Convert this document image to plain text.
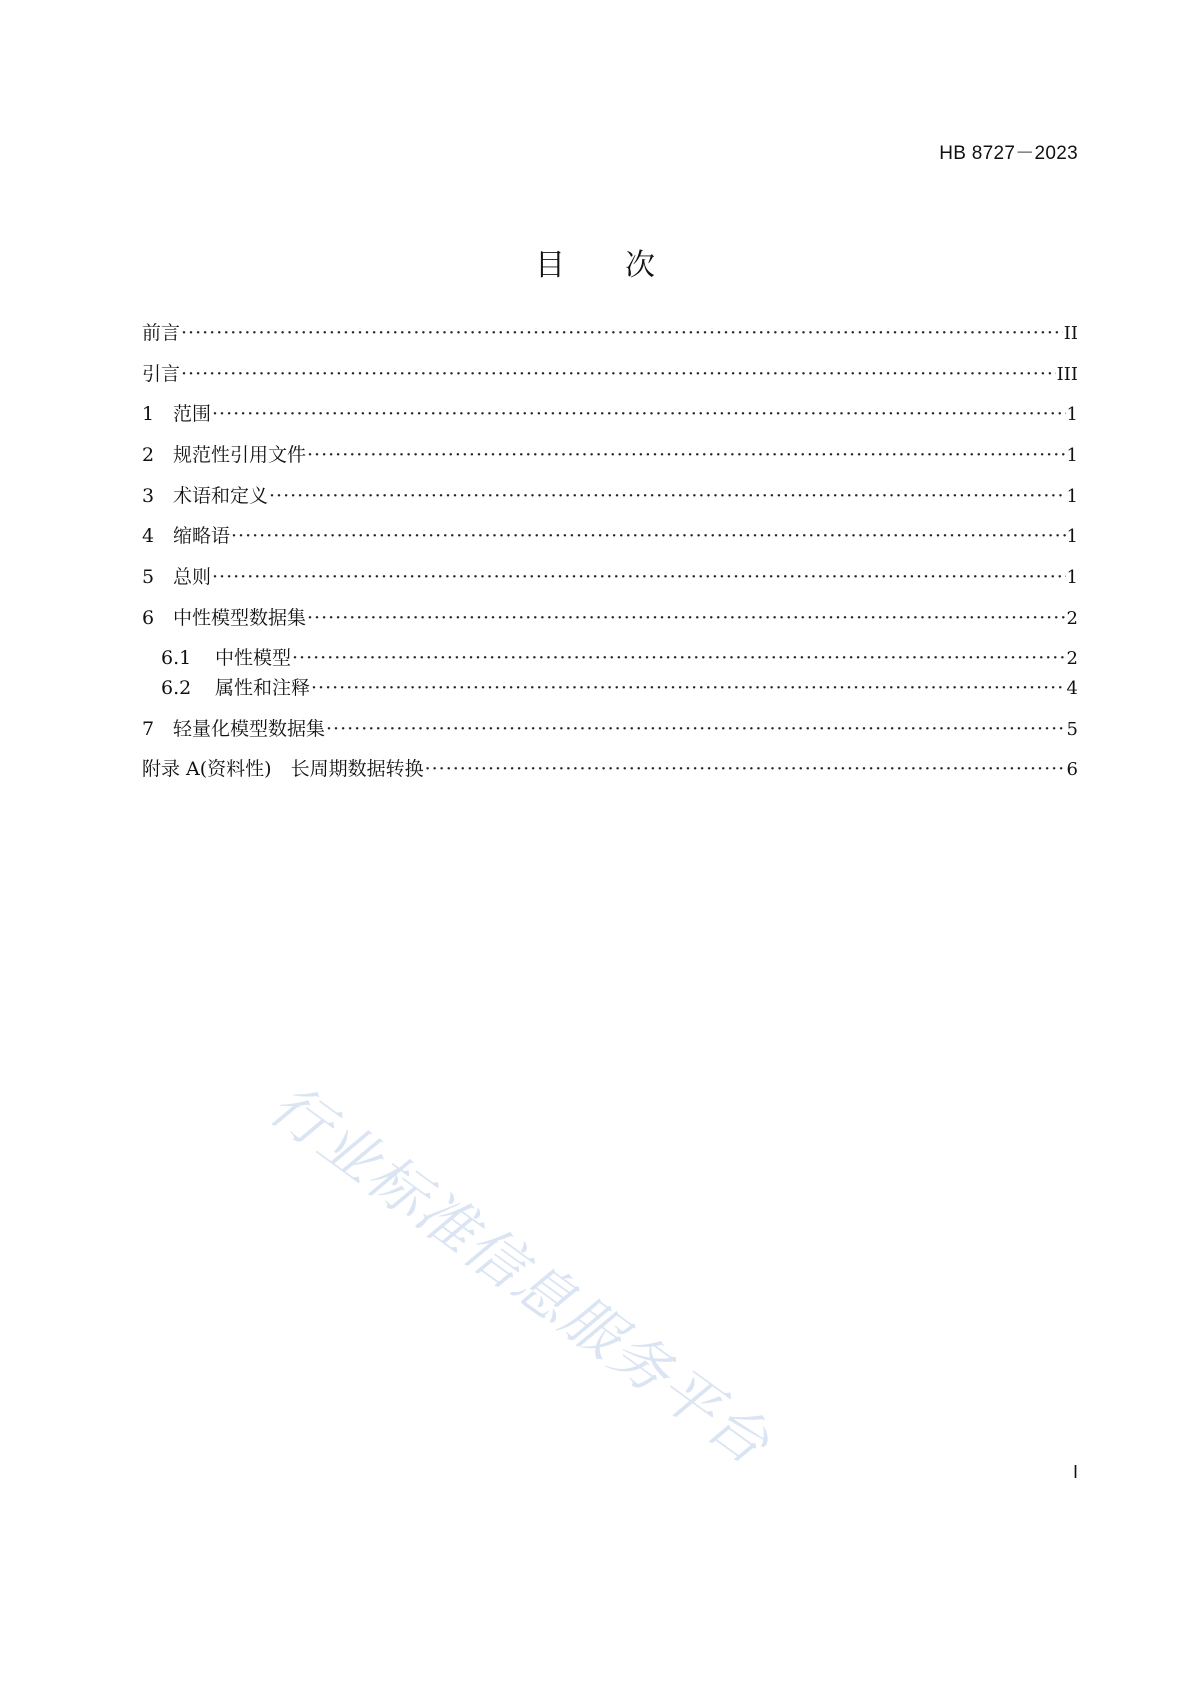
HB 8727－2023
目　　次
前言 ·····	II
引言 ·····	III
1 范围 ·····	1
2 规范性引用文件 ·····	1
3 术语和定义 ·····	1
4 缩略语 ·····	1
5 总则 ·····	1
6 中性模型数据集 ·····	2
6.1	中性模型 ·····	2
6.2	属性和注释 ·····	4
7 轻量化模型数据集 ·····	5
附录 A(资料性)　长周期数据转换 ·····	6
行业标准信息服务平台	I
